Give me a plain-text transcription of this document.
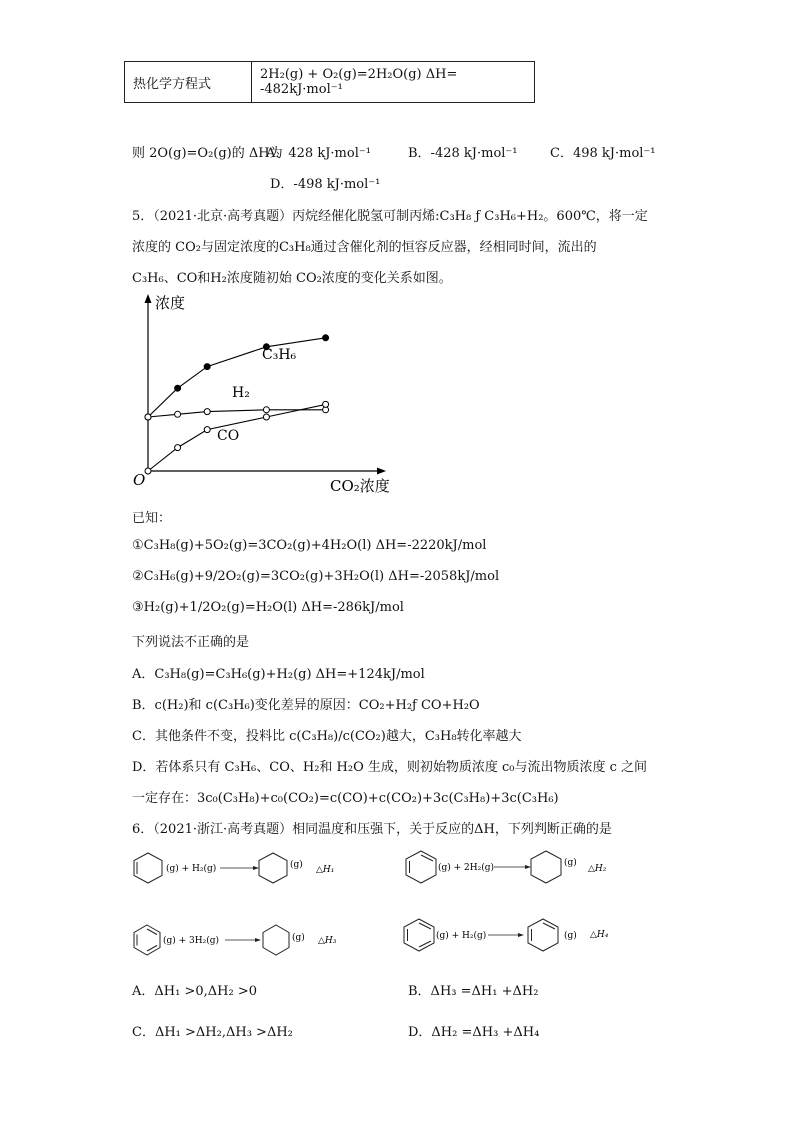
热化学方程式	2H₂(g) + O₂(g)=2H₂O(g) ΔH= -482kJ·mol⁻¹
则 2O(g)=O₂(g)的 ΔH为
A．428 kJ·mol⁻¹	B．-428 kJ·mol⁻¹	C．498 kJ·mol⁻¹
D．-498 kJ·mol⁻¹
5．（2021·北京·高考真题）丙烷经催化脱氢可制丙烯:C₃H₈ ƒ C₃H₆+H₂。600℃，将一定
浓度的 CO₂与固定浓度的C₃H₈通过含催化剂的恒容反应器，经相同时间，流出的
C₃H₆、CO和H₂浓度随初始 CO₂浓度的变化关系如图。
浓度
CO₂浓度
O
C₃H₆
H₂
CO
已知：
①C₃H₈(g)+5O₂(g)=3CO₂(g)+4H₂O(l) ΔH=-2220kJ/mol
②C₃H₆(g)+9/2O₂(g)=3CO₂(g)+3H₂O(l) ΔH=-2058kJ/mol
③H₂(g)+1/2O₂(g)=H₂O(l) ΔH=-286kJ/mol
下列说法不正确的是
A．C₃H₈(g)=C₃H₆(g)+H₂(g) ΔH=+124kJ/mol
B．c(H₂)和 c(C₃H₆)变化差异的原因：CO₂+H₂ƒ CO+H₂O
C．其他条件不变，投料比 c(C₃H₈)/c(CO₂)越大，C₃H₈转化率越大
D．若体系只有 C₃H₆、CO、H₂和 H₂O 生成，则初始物质浓度 c₀与流出物质浓度 c 之间
一定存在：3c₀(C₃H₈)+c₀(CO₂)=c(CO)+c(CO₂)+3c(C₃H₈)+3c(C₃H₆)
6．（2021·浙江·高考真题）相同温度和压强下，关于反应的ΔH，下列判断正确的是
(g) + H₂(g)	(g) △H₁	(g) + 2H₂(g)	(g)
△H₂
(g) + 3H₂(g)	(g) △H₃	(g) + H₂(g)	(g) △H₄
A．ΔH₁ >0,ΔH₂ >0	B．ΔH₃ =ΔH₁ +ΔH₂
C．ΔH₁ >ΔH₂,ΔH₃ >ΔH₂	D．ΔH₂ =ΔH₃ +ΔH₄
